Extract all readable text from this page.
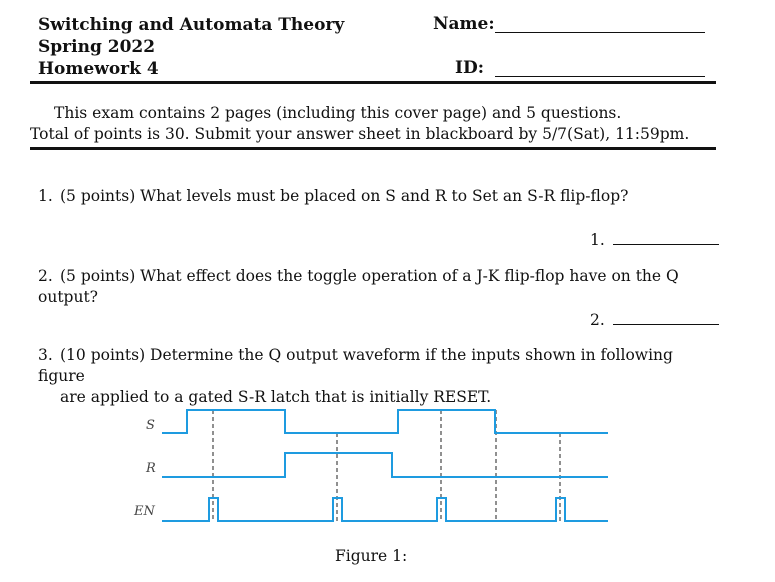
Switching and Automata Theory
Spring 2022
Homework 4
Name:
ID:
This exam contains 2 pages (including this cover page) and 5 questions.
Total of points is 30. Submit your answer sheet in blackboard by 5/7(Sat), 11:59pm.
1. (5 points) What levels must be placed on S and R to Set an S-R flip-flop?
1.
2. (5 points) What effect does the toggle operation of a J-K flip-flop have on the Q output?
2.
3. (10 points) Determine the Q output waveform if the inputs shown in following figure
are applied to a gated S-R latch that is initially RESET.
S
R
EN
Figure 1:
